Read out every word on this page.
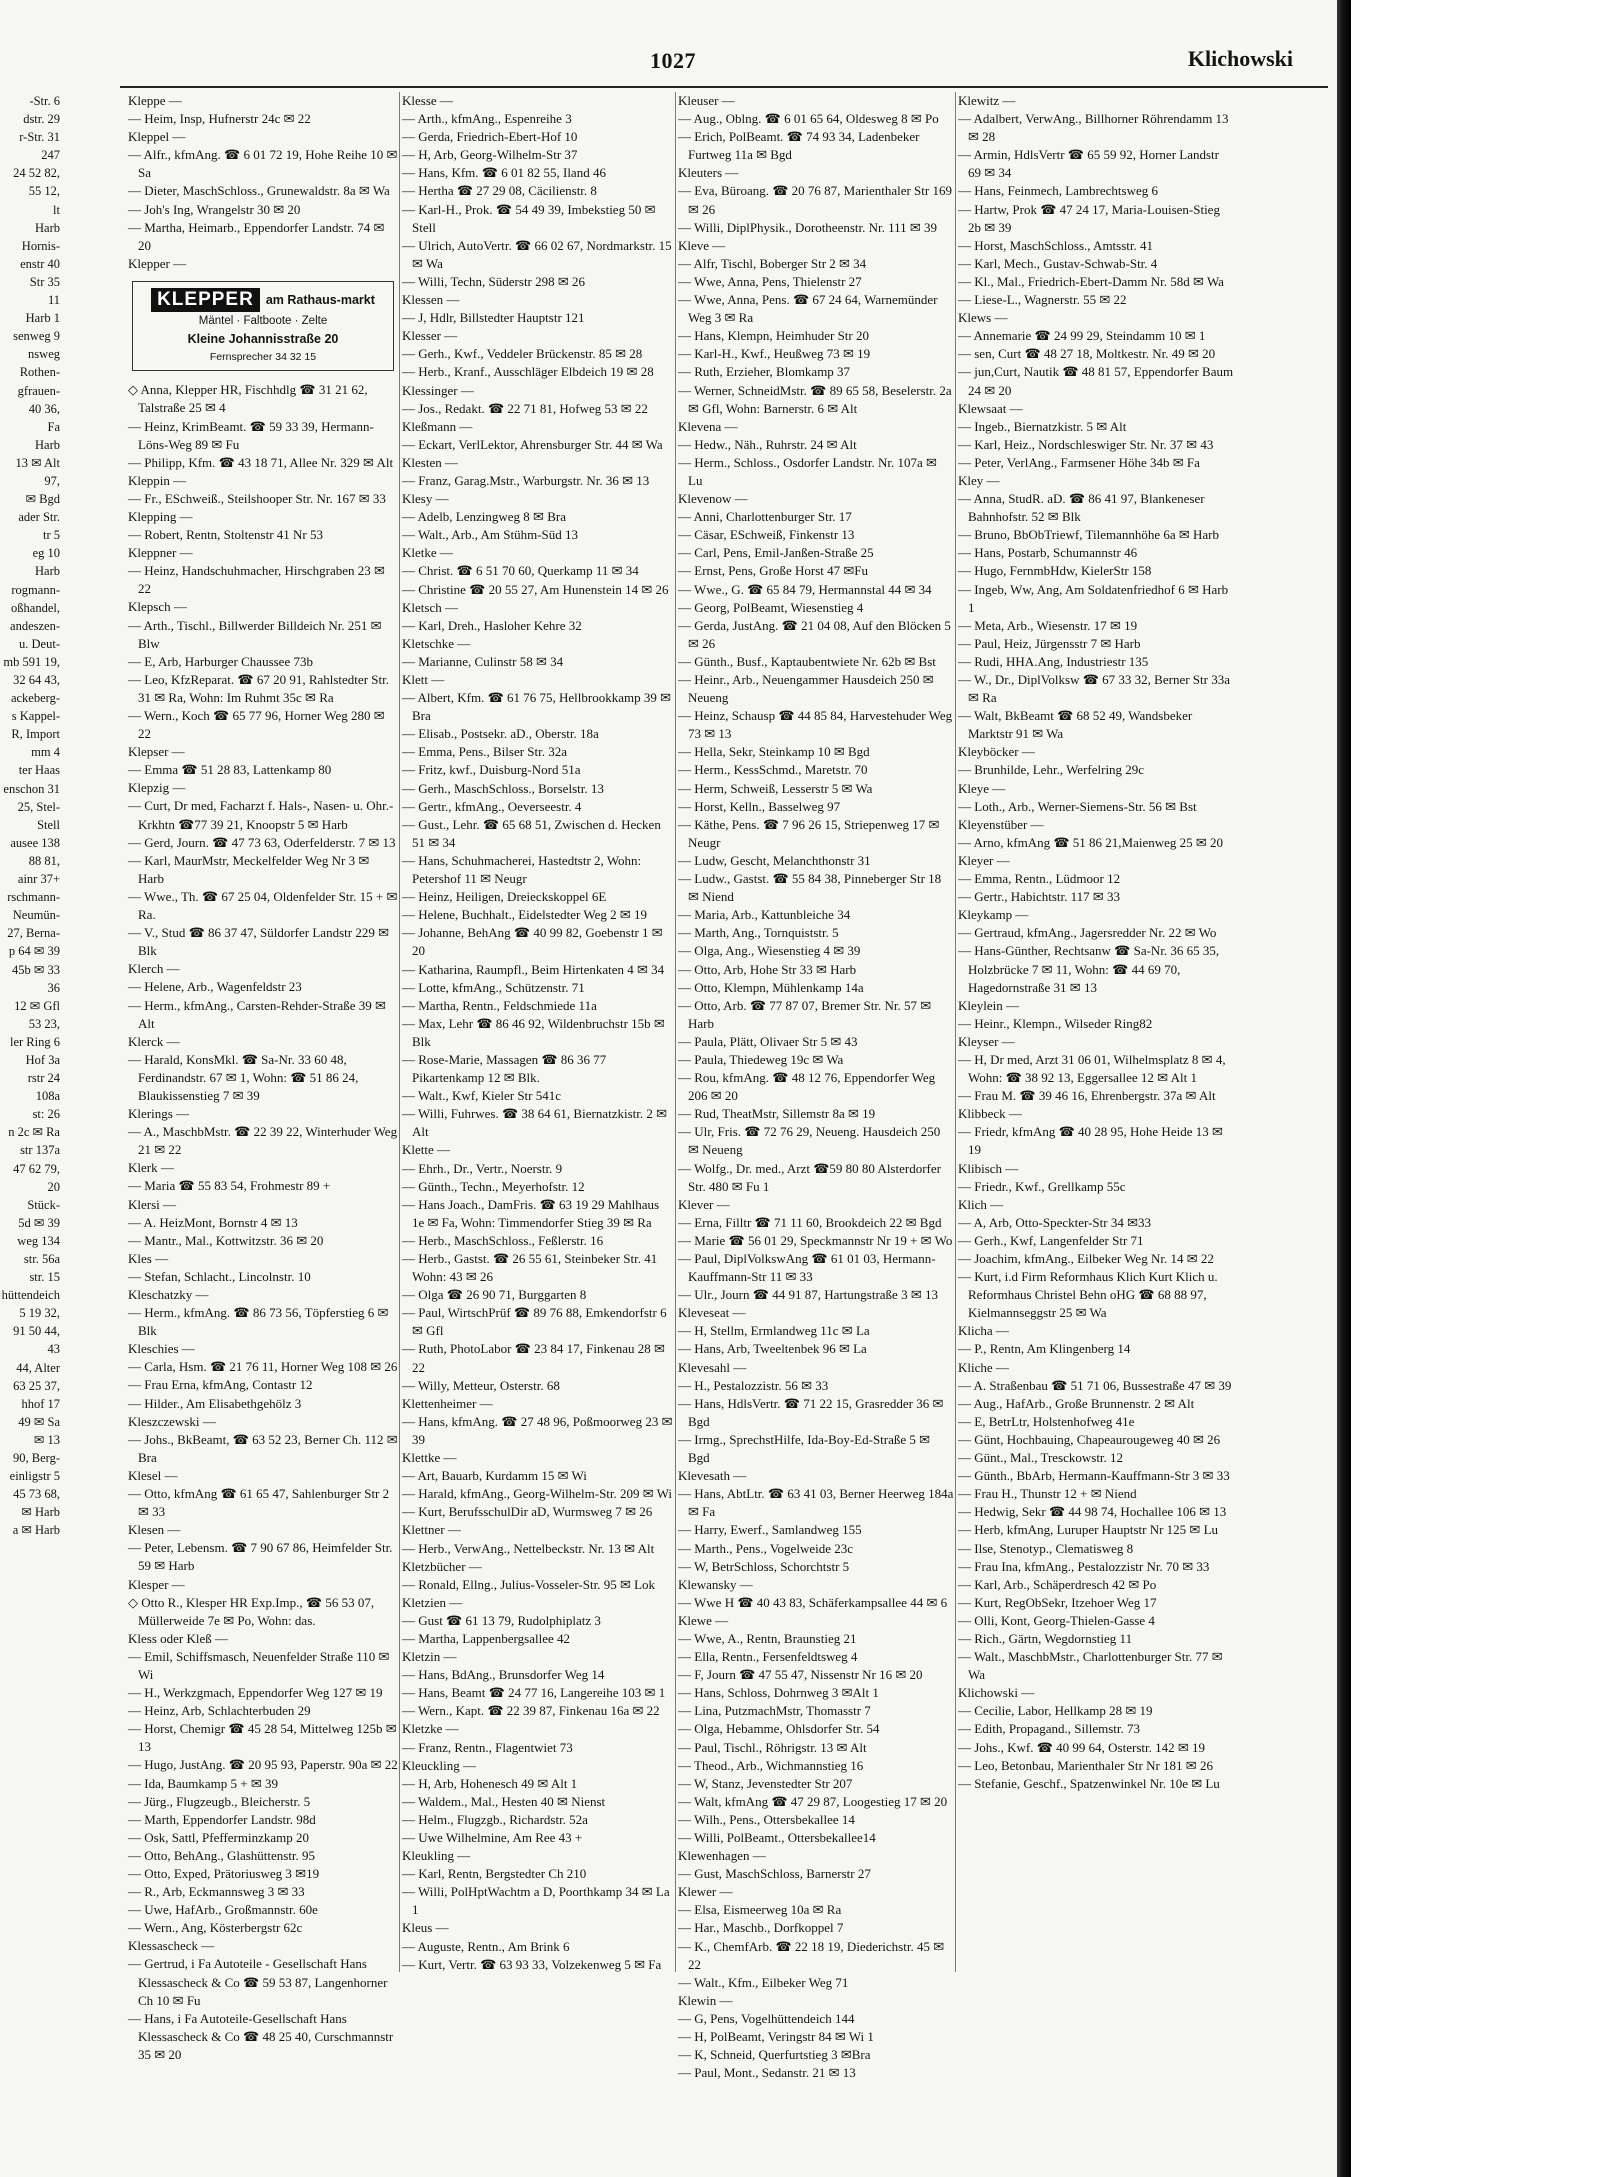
1027	Klichowski

-Str. 6

dstr. 29

r-Str. 31

247

24 52 82,

55 12,

lt

Harb

Hornis-

enstr 40

Str 35

11

Harb 1

senweg 9

nsweg

Rothen-

gfrauen-

40 36,

Fa

Harb

13 ✉ Alt

97,

✉ Bgd

ader Str.

tr 5

eg 10

Harb

rogmann-

oßhandel,

andeszen-

u. Deut-

mb 591 19,

32 64 43,

ackeberg-

s Kappel-

R, Import

mm 4

ter Haas

enschon 31

25, Stel-

Stell

ausee 138

88 81,

ainr 37+

rschmann-

Neumün-

27, Berna-

p 64 ✉ 39

45b ✉ 33

36

12 ✉ Gfl

53 23,

ler Ring 6

Hof 3a

rstr 24

108a

st: 26

n 2c ✉ Ra

str 137a

47 62 79,

20

Stück-

5d ✉ 39

weg 134

str. 56a

str. 15

hüttendeich

5 19 32,

91 50 44,

43

44, Alter

63 25 37,

hhof 17

49 ✉ Sa

✉ 13

90, Berg-

einligstr 5

45 73 68,

✉ Harb

a ✉ Harb

Kleppe —

— Heim, Insp, Hufnerstr 24c ✉ 22

Kleppel —

— Alfr., kfmAng. ☎ 6 01 72 19, Hohe Reihe 10 ✉ Sa

— Dieter, MaschSchloss., Grunewaldstr. 8a ✉ Wa

— Joh's Ing, Wrangelstr 30 ✉ 20

— Martha, Heimarb., Eppendorfer Landstr. 74 ✉ 20

Klepper —

KLEPPER am Rathaus-markt
Mäntel · Faltboote · Zelte
Kleine Johannisstraße 20
Fernsprecher 34 32 15

◇ Anna, Klepper HR, Fischhdlg ☎ 31 21 62, Talstraße 25 ✉ 4

— Heinz, KrimBeamt. ☎ 59 33 39, Hermann-Löns-Weg 89 ✉ Fu

— Philipp, Kfm. ☎ 43 18 71, Allee Nr. 329 ✉ Alt

Kleppin —

— Fr., ESchweiß., Steilshooper Str. Nr. 167 ✉ 33

Klepping —

— Robert, Rentn, Stoltenstr 41 Nr 53

Kleppner —

— Heinz, Handschuhmacher, Hirschgraben 23 ✉ 22

Klepsch —

— Arth., Tischl., Billwerder Billdeich Nr. 251 ✉ Blw

— E, Arb, Harburger Chaussee 73b

— Leo, KfzReparat. ☎ 67 20 91, Rahlstedter Str. 31 ✉ Ra, Wohn: Im Ruhmt 35c ✉ Ra

— Wern., Koch ☎ 65 77 96, Horner Weg 280 ✉ 22

Klepser —

— Emma ☎ 51 28 83, Lattenkamp 80

Klepzig —

— Curt, Dr med, Facharzt f. Hals-, Nasen- u. Ohr.-Krkhtn ☎77 39 21, Knoopstr 5 ✉ Harb

— Gerd, Journ. ☎ 47 73 63, Oderfelderstr. 7 ✉ 13

— Karl, MaurMstr, Meckelfelder Weg Nr 3 ✉ Harb

— Wwe., Th. ☎ 67 25 04, Oldenfelder Str. 15 + ✉ Ra.

— V., Stud ☎ 86 37 47, Süldorfer Landstr 229 ✉ Blk

Klerch —

— Helene, Arb., Wagenfeldstr 23

— Herm., kfmAng., Carsten-Rehder-Straße 39 ✉ Alt

Klerck —

— Harald, KonsMkl. ☎ Sa-Nr. 33 60 48, Ferdinandstr. 67 ✉ 1, Wohn: ☎ 51 86 24, Blaukissenstieg 7 ✉ 39

Klerings —

— A., MaschbMstr. ☎ 22 39 22, Winterhuder Weg 21 ✉ 22

Klerk —

— Maria ☎ 55 83 54, Frohmestr 89 +

Klersi —

— A. HeizMont, Bornstr 4 ✉ 13

— Mantr., Mal., Kottwitzstr. 36 ✉ 20

Kles —

— Stefan, Schlacht., Lincolnstr. 10

Kleschatzky —

— Herm., kfmAng. ☎ 86 73 56, Töpferstieg 6 ✉ Blk

Kleschies —

— Carla, Hsm. ☎ 21 76 11, Horner Weg 108 ✉ 26

— Frau Erna, kfmAng, Contastr 12

— Hilder., Am Elisabethgehölz 3

Kleszczewski —

— Johs., BkBeamt, ☎ 63 52 23, Berner Ch. 112 ✉ Bra

Klesel —

— Otto, kfmAng ☎ 61 65 47, Sahlenburger Str 2 ✉ 33

Klesen —

— Peter, Lebensm. ☎ 7 90 67 86, Heimfelder Str. 59 ✉ Harb

Klesper —

◇ Otto R., Klesper HR Exp.Imp., ☎ 56 53 07, Müllerweide 7e ✉ Po, Wohn: das.

Kless oder Kleß —

— Emil, Schiffsmasch, Neuenfelder Straße 110 ✉ Wi

— H., Werkzgmach, Eppendorfer Weg 127 ✉ 19

— Heinz, Arb, Schlachterbuden 29

— Horst, Chemigr ☎ 45 28 54, Mittelweg 125b ✉ 13

— Hugo, JustAng. ☎ 20 95 93, Paperstr. 90a ✉ 22

— Ida, Baumkamp 5 + ✉ 39

— Jürg., Flugzeugb., Bleicherstr. 5

— Marth, Eppendorfer Landstr. 98d

— Osk, Sattl, Pfefferminzkamp 20

— Otto, BehAng., Glashüttenstr. 95

— Otto, Exped, Prätoriusweg 3 ✉19

— R., Arb, Eckmannsweg 3 ✉ 33

— Uwe, HafArb., Großmannstr. 60e

— Wern., Ang, Kösterbergstr 62c

Klessascheck —

— Gertrud, i Fa Autoteile - Gesellschaft Hans Klessascheck & Co ☎ 59 53 87, Langenhorner Ch 10 ✉ Fu

— Hans, i Fa Autoteile-Gesellschaft Hans Klessascheck & Co ☎ 48 25 40, Curschmannstr 35 ✉ 20

Klesse —

— Arth., kfmAng., Espenreihe 3

— Gerda, Friedrich-Ebert-Hof 10

— H, Arb, Georg-Wilhelm-Str 37

— Hans, Kfm. ☎ 6 01 82 55, Iland 46

— Hertha ☎ 27 29 08, Cäcilienstr. 8

— Karl-H., Prok. ☎ 54 49 39, Imbekstieg 50 ✉ Stell

— Ulrich, AutoVertr. ☎ 66 02 67, Nordmarkstr. 15 ✉ Wa

— Willi, Techn, Süderstr 298 ✉ 26

Klessen —

— J, Hdlr, Billstedter Hauptstr 121

Klesser —

— Gerh., Kwf., Veddeler Brückenstr. 85 ✉ 28

— Herb., Kranf., Ausschläger Elbdeich 19 ✉ 28

Klessinger —

— Jos., Redakt. ☎ 22 71 81, Hofweg 53 ✉ 22

Kleßmann —

— Eckart, VerlLektor, Ahrensburger Str. 44 ✉ Wa

Klesten —

— Franz, Garag.Mstr., Warburgstr. Nr. 36 ✉ 13

Klesy —

— Adelb, Lenzingweg 8 ✉ Bra

— Walt., Arb., Am Stühm-Süd 13

Kletke —

— Christ. ☎ 6 51 70 60, Querkamp 11 ✉ 34

— Christine ☎ 20 55 27, Am Hunenstein 14 ✉ 26

Kletsch —

— Karl, Dreh., Hasloher Kehre 32

Kletschke —

— Marianne, Culinstr 58 ✉ 34

Klett —

— Albert, Kfm. ☎ 61 76 75, Hellbrookkamp 39 ✉ Bra

— Elisab., Postsekr. aD., Oberstr. 18a

— Emma, Pens., Bilser Str. 32a

— Fritz, kwf., Duisburg-Nord 51a

— Gerh., MaschSchloss., Borselstr. 13

— Gertr., kfmAng., Oeverseestr. 4

— Gust., Lehr. ☎ 65 68 51, Zwischen d. Hecken 51 ✉ 34

— Hans, Schuhmacherei, Hastedtstr 2, Wohn: Petershof 11 ✉ Neugr

— Heinz, Heiligen, Dreieckskoppel 6E

— Helene, Buchhalt., Eidelstedter Weg 2 ✉ 19

— Johanne, BehAng ☎ 40 99 82, Goebenstr 1 ✉ 20

— Katharina, Raumpfl., Beim Hirtenkaten 4 ✉ 34

— Lotte, kfmAng., Schützenstr. 71

— Martha, Rentn., Feldschmiede 11a

— Max, Lehr ☎ 86 46 92, Wildenbruchstr 15b ✉ Blk

— Rose-Marie, Massagen ☎ 86 36 77 Pikartenkamp 12 ✉ Blk.

— Walt., Kwf, Kieler Str 541c

— Willi, Fuhrwes. ☎ 38 64 61, Biernatzkistr. 2 ✉ Alt

Klette —

— Ehrh., Dr., Vertr., Noerstr. 9

— Günth., Techn., Meyerhofstr. 12

— Hans Joach., DamFris. ☎ 63 19 29 Mahlhaus 1e ✉ Fa, Wohn: Timmendorfer Stieg 39 ✉ Ra

— Herb., MaschSchloss., Feßlerstr. 16

— Herb., Gastst. ☎ 26 55 61, Steinbeker Str. 41 Wohn: 43 ✉ 26

— Olga ☎ 26 90 71, Burggarten 8

— Paul, WirtschPrüf ☎ 89 76 88, Emkendorfstr 6 ✉ Gfl

— Ruth, PhotoLabor ☎ 23 84 17, Finkenau 28 ✉ 22

— Willy, Metteur, Osterstr. 68

Klettenheimer —

— Hans, kfmAng. ☎ 27 48 96, Poßmoorweg 23 ✉ 39

Klettke —

— Art, Bauarb, Kurdamm 15 ✉ Wi

— Harald, kfmAng., Georg-Wilhelm-Str. 209 ✉ Wi

— Kurt, BerufsschulDir aD, Wurmsweg 7 ✉ 26

Klettner —

— Herb., VerwAng., Nettelbeckstr. Nr. 13 ✉ Alt

Kletzbücher —

— Ronald, Ellng., Julius-Vosseler-Str. 95 ✉ Lok

Kletzien —

— Gust ☎ 61 13 79, Rudolphiplatz 3

— Martha, Lappenbergsallee 42

Kletzin —

— Hans, BdAng., Brunsdorfer Weg 14

— Hans, Beamt ☎ 24 77 16, Langereihe 103 ✉ 1

— Wern., Kapt. ☎ 22 39 87, Finkenau 16a ✉ 22

Kletzke —

— Franz, Rentn., Flagentwiet 73

Kleuckling —

— H, Arb, Hohenesch 49 ✉ Alt 1

— Waldem., Mal., Hesten 40 ✉ Nienst

— Helm., Flugzgb., Richardstr. 52a

— Uwe Wilhelmine, Am Ree 43 +

Kleukling —

— Karl, Rentn, Bergstedter Ch 210

— Willi, PolHptWachtm a D, Poorthkamp 34 ✉ La 1

Kleus —

— Auguste, Rentn., Am Brink 6

— Kurt, Vertr. ☎ 63 93 33, Volzekenweg 5 ✉ Fa

Kleuser —

— Aug., Oblng. ☎ 6 01 65 64, Oldesweg 8 ✉ Po

— Erich, PolBeamt. ☎ 74 93 34, Ladenbeker Furtweg 11a ✉ Bgd

Kleuters —

— Eva, Büroang. ☎ 20 76 87, Marienthaler Str 169 ✉ 26

— Willi, DiplPhysik., Dorotheenstr. Nr. 111 ✉ 39

Kleve —

— Alfr, Tischl, Boberger Str 2 ✉ 34

— Wwe, Anna, Pens, Thielenstr 27

— Wwe, Anna, Pens. ☎ 67 24 64, Warnemünder Weg 3 ✉ Ra

— Hans, Klempn, Heimhuder Str 20

— Karl-H., Kwf., Heußweg 73 ✉ 19

— Ruth, Erzieher, Blomkamp 37

— Werner, SchneidMstr. ☎ 89 65 58, Beselerstr. 2a ✉ Gfl, Wohn: Barnerstr. 6 ✉ Alt

Klevena —

— Hedw., Näh., Ruhrstr. 24 ✉ Alt

— Herm., Schloss., Osdorfer Landstr. Nr. 107a ✉ Lu

Klevenow —

— Anni, Charlottenburger Str. 17

— Cäsar, ESchweiß, Finkenstr 13

— Carl, Pens, Emil-Janßen-Straße 25

— Ernst, Pens, Große Horst 47 ✉Fu

— Wwe., G. ☎ 65 84 79, Hermannstal 44 ✉ 34

— Georg, PolBeamt, Wiesenstieg 4

— Gerda, JustAng. ☎ 21 04 08, Auf den Blöcken 5 ✉ 26

— Günth., Busf., Kaptaubentwiete Nr. 62b ✉ Bst

— Heinr., Arb., Neuengammer Hausdeich 250 ✉ Neueng

— Heinz, Schausp ☎ 44 85 84, Harvestehuder Weg 73 ✉ 13

— Hella, Sekr, Steinkamp 10 ✉ Bgd

— Herm., KessSchmd., Maretstr. 70

— Herm, Schweiß, Lesserstr 5 ✉ Wa

— Horst, Kelln., Basselweg 97

— Käthe, Pens. ☎ 7 96 26 15, Striepenweg 17 ✉ Neugr

— Ludw, Gescht, Melanchthonstr 31

— Ludw., Gastst. ☎ 55 84 38, Pinneberger Str 18 ✉ Niend

— Maria, Arb., Kattunbleiche 34

— Marth, Ang., Tornquiststr. 5

— Olga, Ang., Wiesenstieg 4 ✉ 39

— Otto, Arb, Hohe Str 33 ✉ Harb

— Otto, Klempn, Mühlenkamp 14a

— Otto, Arb. ☎ 77 87 07, Bremer Str. Nr. 57 ✉ Harb

— Paula, Plätt, Olivaer Str 5 ✉ 43

— Paula, Thiedeweg 19c ✉ Wa

— Rou, kfmAng. ☎ 48 12 76, Eppendorfer Weg 206 ✉ 20

— Rud, TheatMstr, Sillemstr 8a ✉ 19

— Ulr, Fris. ☎ 72 76 29, Neueng. Hausdeich 250 ✉ Neueng

— Wolfg., Dr. med., Arzt ☎59 80 80 Alsterdorfer Str. 480 ✉ Fu 1

Klever —

— Erna, Filltr ☎ 71 11 60, Brookdeich 22 ✉ Bgd

— Marie ☎ 56 01 29, Speckmannstr Nr 19 + ✉ Wo

— Paul, DiplVolkswAng ☎ 61 01 03, Hermann-Kauffmann-Str 11 ✉ 33

— Ulr., Journ ☎ 44 91 87, Hartungstraße 3 ✉ 13

Kleveseat —

— H, Stellm, Ermlandweg 11c ✉ La

— Hans, Arb, Tweeltenbek 96 ✉ La

Klevesahl —

— H., Pestalozzistr. 56 ✉ 33

— Hans, HdlsVertr. ☎ 71 22 15, Grasredder 36 ✉ Bgd

— Irmg., SprechstHilfe, Ida-Boy-Ed-Straße 5 ✉ Bgd

Klevesath —

— Hans, AbtLtr. ☎ 63 41 03, Berner Heerweg 184a ✉ Fa

— Harry, Ewerf., Samlandweg 155

— Marth., Pens., Vogelweide 23c

— W, BetrSchloss, Schorchtstr 5

Klewansky —

— Wwe H ☎ 40 43 83, Schäferkampsallee 44 ✉ 6

Klewe —

— Wwe, A., Rentn, Braunstieg 21

— Ella, Rentn., Fersenfeldtsweg 4

— F, Journ ☎ 47 55 47, Nissenstr Nr 16 ✉ 20

— Hans, Schloss, Dohrnweg 3 ✉Alt 1

— Lina, PutzmachMstr, Thomasstr 7

— Olga, Hebamme, Ohlsdorfer Str. 54

— Paul, Tischl., Röhrigstr. 13 ✉ Alt

— Theod., Arb., Wichmannstieg 16

— W, Stanz, Jevenstedter Str 207

— Walt, kfmAng ☎ 47 29 87, Loogestieg 17 ✉ 20

— Wilh., Pens., Ottersbekallee 14

— Willi, PolBeamt., Ottersbekallee14

Klewenhagen —

— Gust, MaschSchloss, Barnerstr 27

Klewer —

— Elsa, Eismeerweg 10a ✉ Ra

— Har., Maschb., Dorfkoppel 7

— K., ChemfArb. ☎ 22 18 19, Diederichstr. 45 ✉ 22

— Walt., Kfm., Eilbeker Weg 71

Klewin —

— G, Pens, Vogelhüttendeich 144

— H, PolBeamt, Veringstr 84 ✉ Wi 1

— K, Schneid, Querfurtstieg 3 ✉Bra

— Paul, Mont., Sedanstr. 21 ✉ 13

Klewitz —

— Adalbert, VerwAng., Billhorner Röhrendamm 13 ✉ 28

— Armin, HdlsVertr ☎ 65 59 92, Horner Landstr 69 ✉ 34

— Hans, Feinmech, Lambrechtsweg 6

— Hartw, Prok ☎ 47 24 17, Maria-Louisen-Stieg 2b ✉ 39

— Horst, MaschSchloss., Amtsstr. 41

— Karl, Mech., Gustav-Schwab-Str. 4

— Kl., Mal., Friedrich-Ebert-Damm Nr. 58d ✉ Wa

— Liese-L., Wagnerstr. 55 ✉ 22

Klews —

— Annemarie ☎ 24 99 29, Steindamm 10 ✉ 1

— sen, Curt ☎ 48 27 18, Moltkestr. Nr. 49 ✉ 20

— jun,Curt, Nautik ☎ 48 81 57, Eppendorfer Baum 24 ✉ 20

Klewsaat —

— Ingeb., Biernatzkistr. 5 ✉ Alt

— Karl, Heiz., Nordschleswiger Str. Nr. 37 ✉ 43

— Peter, VerlAng., Farmsener Höhe 34b ✉ Fa

Kley —

— Anna, StudR. aD. ☎ 86 41 97, Blankeneser Bahnhofstr. 52 ✉ Blk

— Bruno, BbObTriewf, Tilemannhöhe 6a ✉ Harb

— Hans, Postarb, Schumannstr 46

— Hugo, FernmbHdw, KielerStr 158

— Ingeb, Ww, Ang, Am Soldatenfriedhof 6 ✉ Harb 1

— Meta, Arb., Wiesenstr. 17 ✉ 19

— Paul, Heiz, Jürgensstr 7 ✉ Harb

— Rudi, HHA.Ang, Industriestr 135

— W., Dr., DiplVolksw ☎ 67 33 32, Berner Str 33a ✉ Ra

— Walt, BkBeamt ☎ 68 52 49, Wandsbeker Marktstr 91 ✉ Wa

Kleyböcker —

— Brunhilde, Lehr., Werfelring 29c

Kleye —

— Loth., Arb., Werner-Siemens-Str. 56 ✉ Bst

Kleyenstüber —

— Arno, kfmAng ☎ 51 86 21,Maienweg 25 ✉ 20

Kleyer —

— Emma, Rentn., Lüdmoor 12

— Gertr., Habichtstr. 117 ✉ 33

Kleykamp —

— Gertraud, kfmAng., Jagersredder Nr. 22 ✉ Wo

— Hans-Günther, Rechtsanw ☎ Sa-Nr. 36 65 35, Holzbrücke 7 ✉ 11, Wohn: ☎ 44 69 70, Hagedornstraße 31 ✉ 13

Kleylein —

— Heinr., Klempn., Wilseder Ring82

Kleyser —

— H, Dr med, Arzt 31 06 01, Wilhelmsplatz 8 ✉ 4, Wohn: ☎ 38 92 13, Eggersallee 12 ✉ Alt 1

— Frau M. ☎ 39 46 16, Ehrenbergstr. 37a ✉ Alt

Klibbeck —

— Friedr, kfmAng ☎ 40 28 95, Hohe Heide 13 ✉ 19

Klibisch —

— Friedr., Kwf., Grellkamp 55c

Klich —

— A, Arb, Otto-Speckter-Str 34 ✉33

— Gerh., Kwf, Langenfelder Str 71

— Joachim, kfmAng., Eilbeker Weg Nr. 14 ✉ 22

— Kurt, i.d Firm Reformhaus Klich Kurt Klich u. Reformhaus Christel Behn oHG ☎ 68 88 97, Kielmannseggstr 25 ✉ Wa

Klicha —

— P., Rentn, Am Klingenberg 14

Kliche —

— A. Straßenbau ☎ 51 71 06, Bussestraße 47 ✉ 39

— Aug., HafArb., Große Brunnenstr. 2 ✉ Alt

— E, BetrLtr, Holstenhofweg 41e

— Günt, Hochbauing, Chapeaurougeweg 40 ✉ 26

— Günt., Mal., Tresckowstr. 12

— Günth., BbArb, Hermann-Kauffmann-Str 3 ✉ 33

— Frau H., Thunstr 12 + ✉ Niend

— Hedwig, Sekr ☎ 44 98 74, Hochallee 106 ✉ 13

— Herb, kfmAng, Luruper Hauptstr Nr 125 ✉ Lu

— Ilse, Stenotyp., Clematisweg 8

— Frau Ina, kfmAng., Pestalozzistr Nr. 70 ✉ 33

— Karl, Arb., Schäperdresch 42 ✉ Po

— Kurt, RegObSekr, Itzehoer Weg 17

— Olli, Kont, Georg-Thielen-Gasse 4

— Rich., Gärtn, Wegdornstieg 11

— Walt., MaschbMstr., Charlottenburger Str. 77 ✉ Wa

Klichowski —

— Cecilie, Labor, Hellkamp 28 ✉ 19

— Edith, Propagand., Sillemstr. 73

— Johs., Kwf. ☎ 40 99 64, Osterstr. 142 ✉ 19

— Leo, Betonbau, Marienthaler Str Nr 181 ✉ 26

— Stefanie, Geschf., Spatzenwinkel Nr. 10e ✉ Lu
